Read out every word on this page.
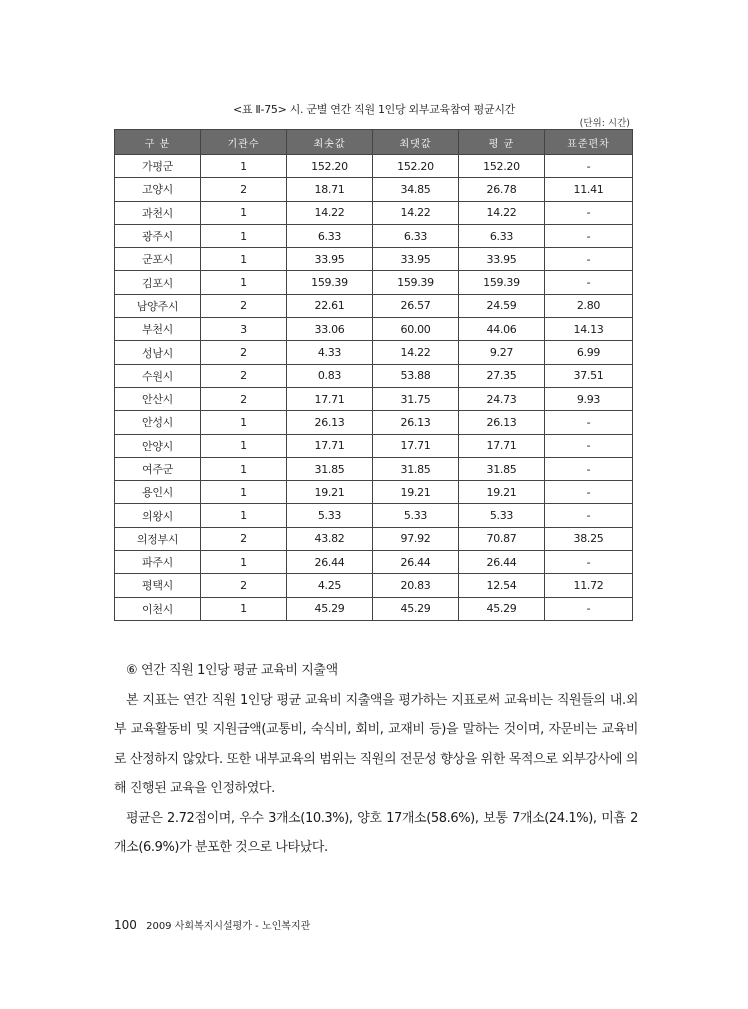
<표 Ⅱ-75> 시. 군별 연간 직원 1인당 외부교육참여 평균시간
(단위: 시간)
구 분	기관수	최솟값	최댓값	평 균	표준편차
가평군	1	152.20	152.20	152.20	-
고양시	2	18.71	34.85	26.78	11.41
과천시	1	14.22	14.22	14.22	-
광주시	1	6.33	6.33	6.33	-
군포시	1	33.95	33.95	33.95	-
김포시	1	159.39	159.39	159.39	-
남양주시	2	22.61	26.57	24.59	2.80
부천시	3	33.06	60.00	44.06	14.13
성남시	2	4.33	14.22	9.27	6.99
수원시	2	0.83	53.88	27.35	37.51
안산시	2	17.71	31.75	24.73	9.93
안성시	1	26.13	26.13	26.13	-
안양시	1	17.71	17.71	17.71	-
여주군	1	31.85	31.85	31.85	-
용인시	1	19.21	19.21	19.21	-
의왕시	1	5.33	5.33	5.33	-
의정부시	2	43.82	97.92	70.87	38.25
파주시	1	26.44	26.44	26.44	-
평택시	2	4.25	20.83	12.54	11.72
이천시	1	45.29	45.29	45.29	-

⑥ 연간 직원 1인당 평균 교육비 지출액

본 지표는 연간 직원 1인당 평균 교육비 지출액을 평가하는 지표로써 교육비는 직원들의 내․외부 교육활동비 및 지원금액(교통비, 숙식비, 회비, 교재비 등)을 말하는 것이며, 자문비는 교육비로 산정하지 않았다. 또한 내부교육의 범위는 직원의 전문성 향상을 위한 목적으로 외부강사에 의해 진행된 교육을 인정하였다.

평균은 2.72점이며, 우수 3개소(10.3%), 양호 17개소(58.6%), 보통 7개소(24.1%), 미흡 2개소(6.9%)가 분포한 것으로 나타났다.

100 2009 사회복지시설평가 - 노인복지관
